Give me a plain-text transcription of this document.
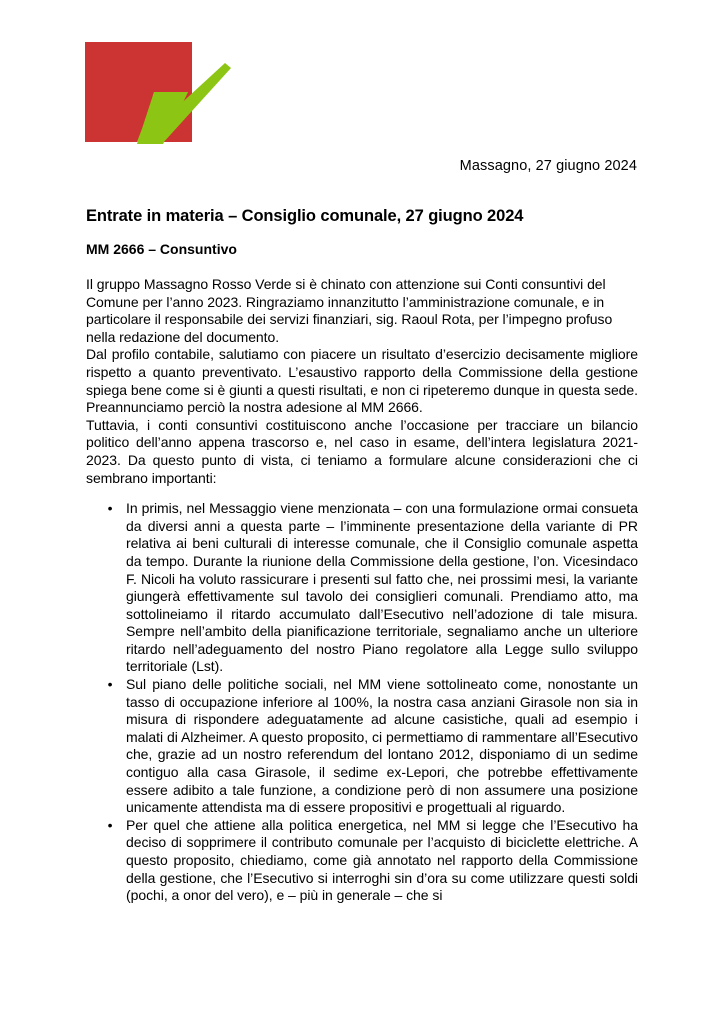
Massagno, 27 giugno 2024
Entrate in materia – Consiglio comunale, 27 giugno 2024
MM 2666 – Consuntivo

Il gruppo Massagno Rosso Verde si è chinato con attenzione sui Conti consuntivi del Comune per l’anno 2023. Ringraziamo innanzitutto l’amministrazione comunale, e in particolare il responsabile dei servizi finanziari, sig. Raoul Rota, per l’impegno profuso nella redazione del documento.

Dal profilo contabile, salutiamo con piacere un risultato d’esercizio decisamente migliore rispetto a quanto preventivato. L’esaustivo rapporto della Commissione della gestione spiega bene come si è giunti a questi risultati, e non ci ripeteremo dunque in questa sede. Preannunciamo perciò la nostra adesione al MM 2666.

Tuttavia, i conti consuntivi costituiscono anche l’occasione per tracciare un bilancio politico dell’anno appena trascorso e, nel caso in esame, dell’intera legislatura 2021-2023. Da questo punto di vista, ci teniamo a formulare alcune considerazioni che ci sembrano importanti:

• In primis, nel Messaggio viene menzionata – con una formulazione ormai consueta da diversi anni a questa parte – l’imminente presentazione della variante di PR relativa ai beni culturali di interesse comunale, che il Consiglio comunale aspetta da tempo. Durante la riunione della Commissione della gestione, l’on. Vicesindaco F. Nicoli ha voluto rassicurare i presenti sul fatto che, nei prossimi mesi, la variante giungerà effettivamente sul tavolo dei consiglieri comunali. Prendiamo atto, ma sottolineiamo il ritardo accumulato dall’Esecutivo nell’adozione di tale misura. Sempre nell’ambito della pianificazione territoriale, segnaliamo anche un ulteriore ritardo nell’adeguamento del nostro Piano regolatore alla Legge sullo sviluppo territoriale (Lst).
• Sul piano delle politiche sociali, nel MM viene sottolineato come, nonostante un tasso di occupazione inferiore al 100%, la nostra casa anziani Girasole non sia in misura di rispondere adeguatamente ad alcune casistiche, quali ad esempio i malati di Alzheimer. A questo proposito, ci permettiamo di rammentare all’Esecutivo che, grazie ad un nostro referendum del lontano 2012, disponiamo di un sedime contiguo alla casa Girasole, il sedime ex-Lepori, che potrebbe effettivamente essere adibito a tale funzione, a condizione però di non assumere una posizione unicamente attendista ma di essere propositivi e progettuali al riguardo.
• Per quel che attiene alla politica energetica, nel MM si legge che l’Esecutivo ha deciso di sopprimere il contributo comunale per l’acquisto di biciclette elettriche. A questo proposito, chiediamo, come già annotato nel rapporto della Commissione della gestione, che l’Esecutivo si interroghi sin d’ora su come utilizzare questi soldi (pochi, a onor del vero), e – più in generale – che si
